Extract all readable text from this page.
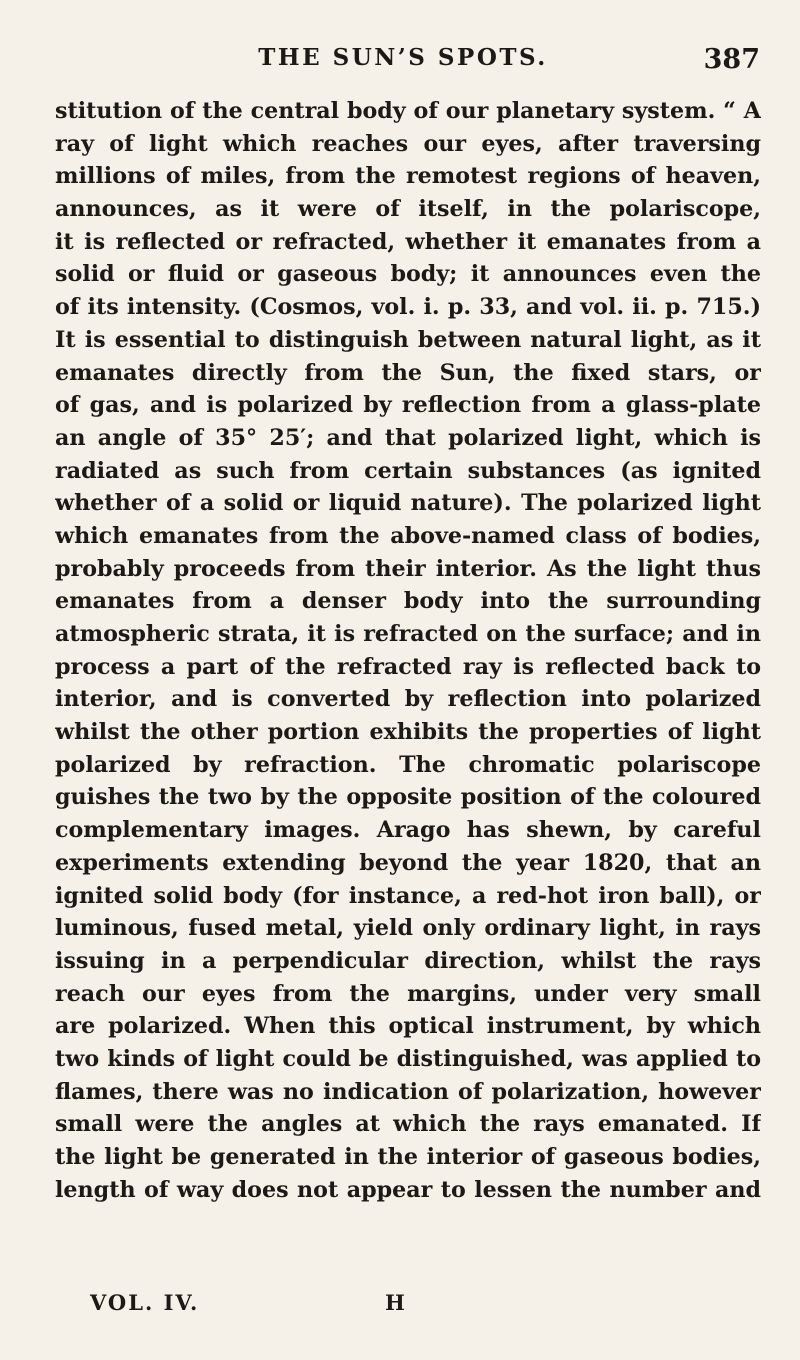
THE SUN’S SPOTS.	387
stitution of the central body of our planetary system. “ A
ray of light which reaches our eyes, after traversing
millions of miles, from the remotest regions of heaven,
announces, as it were of itself, in the polariscope,
it is reflected or refracted, whether it emanates from a
solid or fluid or gaseous body; it announces even the
of its intensity. (Cosmos, vol. i. p. 33, and vol. ii. p. 715.)
It is essential to distinguish between natural light, as it
emanates directly from the Sun, the fixed stars, or
of gas, and is polarized by reflection from a glass-plate
an angle of 35° 25′; and that polarized light, which is
radiated as such from certain substances (as ignited
whether of a solid or liquid nature). The polarized light
which emanates from the above-named class of bodies,
probably proceeds from their interior. As the light thus
emanates from a denser body into the surrounding
atmospheric strata, it is refracted on the surface; and in
process a part of the refracted ray is reflected back to
interior, and is converted by reflection into polarized
whilst the other portion exhibits the properties of light
polarized by refraction. The chromatic polariscope
guishes the two by the opposite position of the coloured
complementary images. Arago has shewn, by careful
experiments extending beyond the year 1820, that an
ignited solid body (for instance, a red-hot iron ball), or
luminous, fused metal, yield only ordinary light, in rays
issuing in a perpendicular direction, whilst the rays
reach our eyes from the margins, under very small
are polarized. When this optical instrument, by which
two kinds of light could be distinguished, was applied to
flames, there was no indication of polarization, however
small were the angles at which the rays emanated. If
the light be generated in the interior of gaseous bodies,
length of way does not appear to lessen the number and
VOL. IV.	H
